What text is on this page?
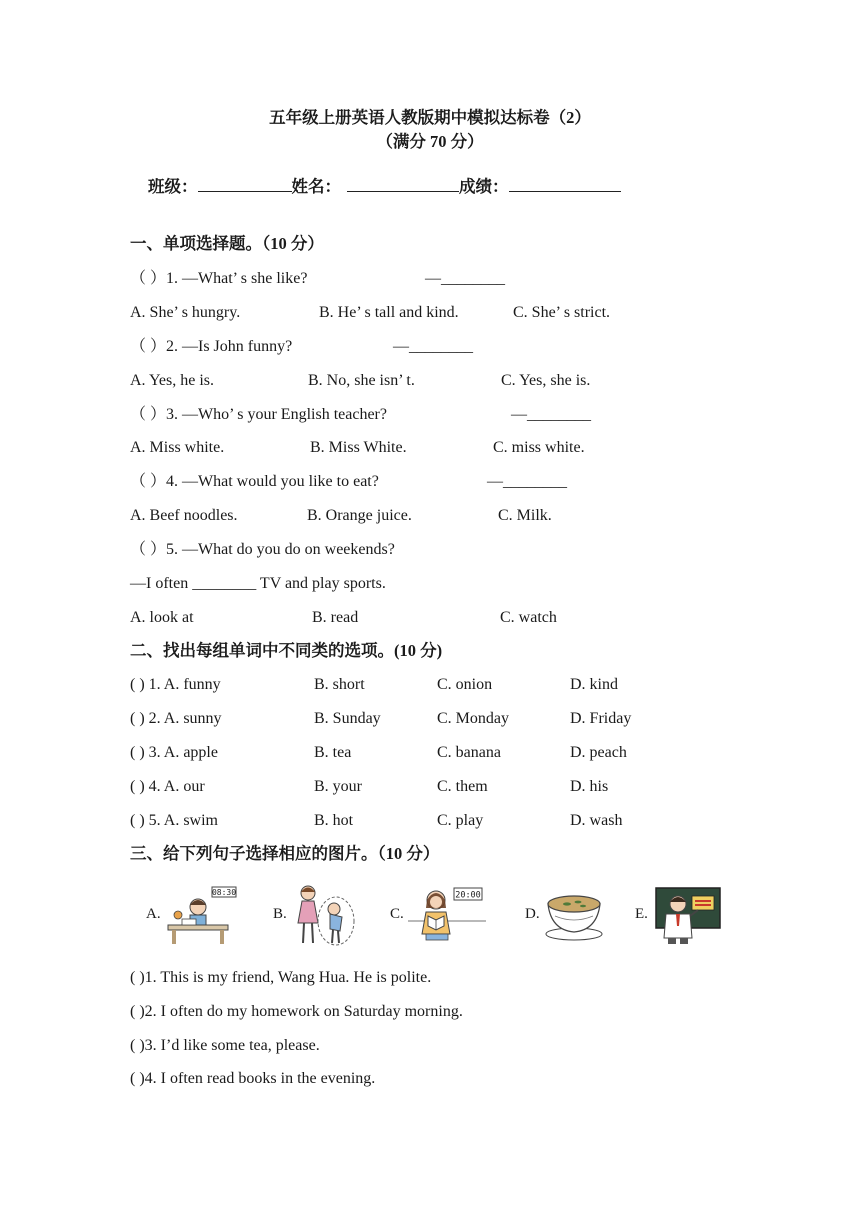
五年级上册英语人教版期中模拟达标卷（2）
（满分 70 分）
班级：	姓名：	成绩：
一、单项选择题。（10 分）
（ ）1. —What’ s she like?	—________
A. She’ s hungry.	B. He’ s tall and kind.	C. She’ s strict.
（ ）2. —Is John funny?	—________
A. Yes, he is.	B. No, she isn’ t.	C. Yes, she is.
（ ）3. —Who’ s your English teacher?	—________
A. Miss white.	B. Miss White.	C. miss white.
（ ）4. —What would you like to eat?	—________
A. Beef noodles.	B. Orange juice.	C. Milk.
（ ）5. —What do you do on weekends?
—I often ________ TV and play sports.
A. look at	B. read	C. watch
二、找出每组单词中不同类的选项。(10 分)
( ) 1. A. funny	B. short	C. onion	D. kind
( ) 2. A. sunny	B. Sunday	C. Monday	D. Friday
( ) 3. A. apple	B. tea	C. banana	D. peach
( ) 4. A. our	B. your	C. them	D. his
( ) 5. A. swim	B. hot	C. play	D. wash
三、给下列句子选择相应的图片。（10 分）
A.
08:30
B.	C.
20:00
D.	E.
( )1. This is my friend, Wang Hua. He is polite.
( )2. I often do my homework on Saturday morning.
( )3. I’d like some tea, please.
( )4. I often read books in the evening.
